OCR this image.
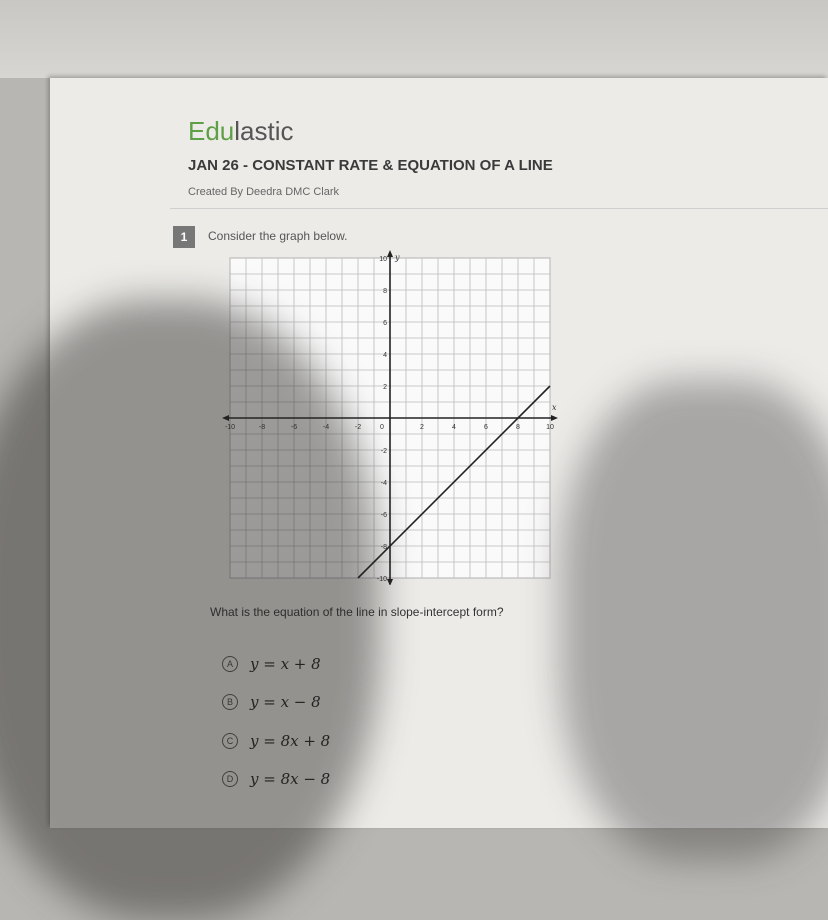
Edulastic
JAN 26 - CONSTANT RATE & EQUATION OF A LINE
Created By Deedra DMC Clark
1	Consider the graph below.
x
y
-10	-8	-6	-4	-2	0	2	4	6	8	10
10
8
6
4
2
-2
-4
-6
-8
-10
What is the equation of the line in slope-intercept form?
A	y = x + 8
B	y = x − 8
C	y = 8x + 8
D	y = 8x − 8
